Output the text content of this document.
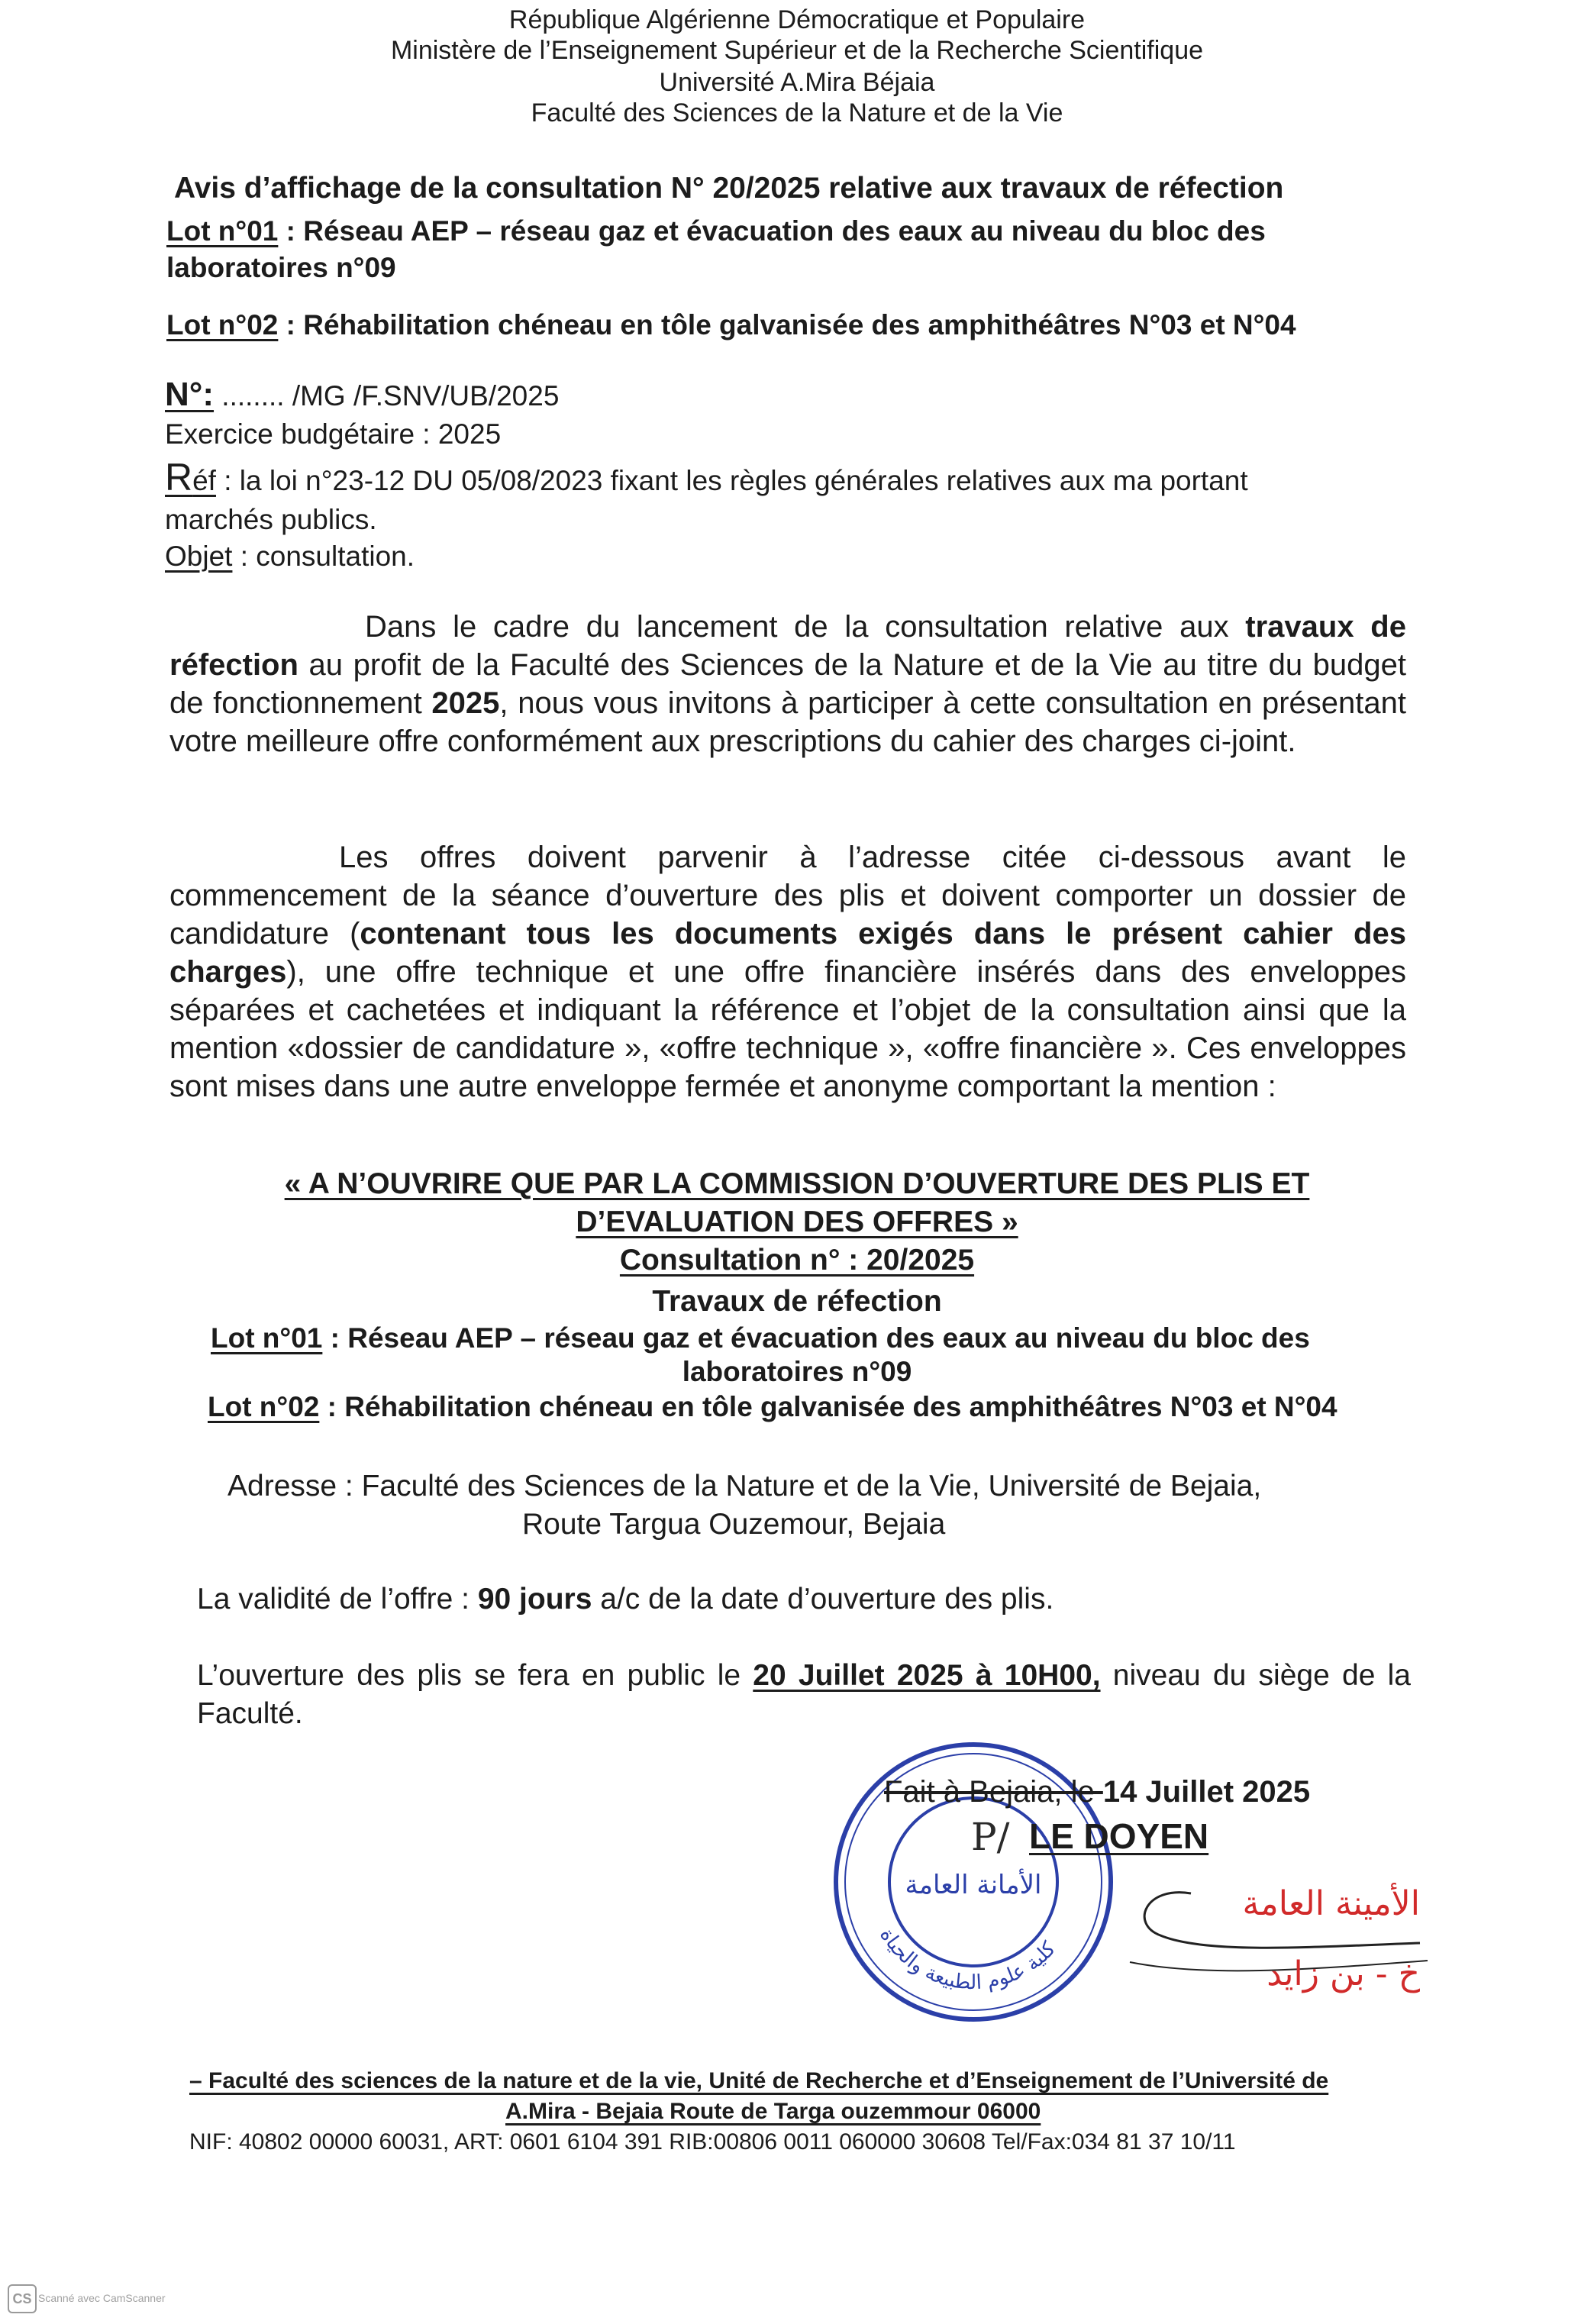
République Algérienne Démocratique et Populaire
Ministère de l’Enseignement Supérieur et de la Recherche Scientifique
Université A.Mira Béjaia
Faculté des Sciences de la Nature et de la Vie
Avis d’affichage de la consultation N° 20/2025 relative aux travaux de réfection
Lot n°01 : Réseau AEP – réseau gaz et évacuation des eaux au niveau du bloc des
laboratoires n°09
Lot n°02 : Réhabilitation chéneau en tôle galvanisée des amphithéâtres N°03 et N°04
N°: ........ /MG /F.SNV/UB/2025
Exercice budgétaire : 2025
Réf : la loi n°23-12 DU 05/08/2023 fixant les règles générales relatives aux ma portant
marchés publics.
Objet : consultation.
Dans le cadre du lancement de la consultation relative aux travaux de réfection au profit de la Faculté des Sciences de la Nature et de la Vie au titre du budget de fonctionnement 2025, nous vous invitons à participer à cette consultation en présentant votre meilleure offre conformément aux prescriptions du cahier des charges ci-joint.
Les offres doivent parvenir à l’adresse citée ci-dessous avant le commencement de la séance d’ouverture des plis et doivent comporter un dossier de candidature (contenant tous les documents exigés dans le présent cahier des charges), une offre technique et une offre financière insérés dans des enveloppes séparées et cachetées et indiquant la référence et l’objet de la consultation ainsi que la mention «dossier de candidature », «offre technique », «offre financière ». Ces enveloppes sont mises dans une autre enveloppe fermée et anonyme comportant la mention :
« A N’OUVRIRE QUE PAR LA COMMISSION D’OUVERTURE DES PLIS ET
D’EVALUATION DES OFFRES »
Consultation n° : 20/2025
Travaux de réfection
Lot n°01 : Réseau AEP – réseau gaz et évacuation des eaux au niveau du bloc des
laboratoires n°09
Lot n°02 : Réhabilitation chéneau en tôle galvanisée des amphithéâtres N°03 et N°04
Adresse : Faculté des Sciences de la Nature et de la Vie, Université de Bejaia,
Route Targua Ouzemour, Bejaia
La validité de l’offre : 90 jours a/c de la date d’ouverture des plis.
L’ouverture des plis se fera en public le 20 Juillet 2025 à 10H00, niveau du siège de la Faculté.
كلية علوم الطبيعة والحياة
الأمانة العامة
Fait à Bejaia, le 14 Juillet 2025
P/ LE DOYEN
الأمينة العامة
خ - بن زايد
– Faculté des sciences de la nature et de la vie, Unité de Recherche et d’Enseignement de l’Université de
A.Mira - Bejaia Route de Targa ouzemmour 06000
NIF: 40802 00000 60031, ART: 0601 6104 391 RIB:00806 0011 060000 30608 Tel/Fax:034 81 37 10/11
CS Scanné avec CamScanner
